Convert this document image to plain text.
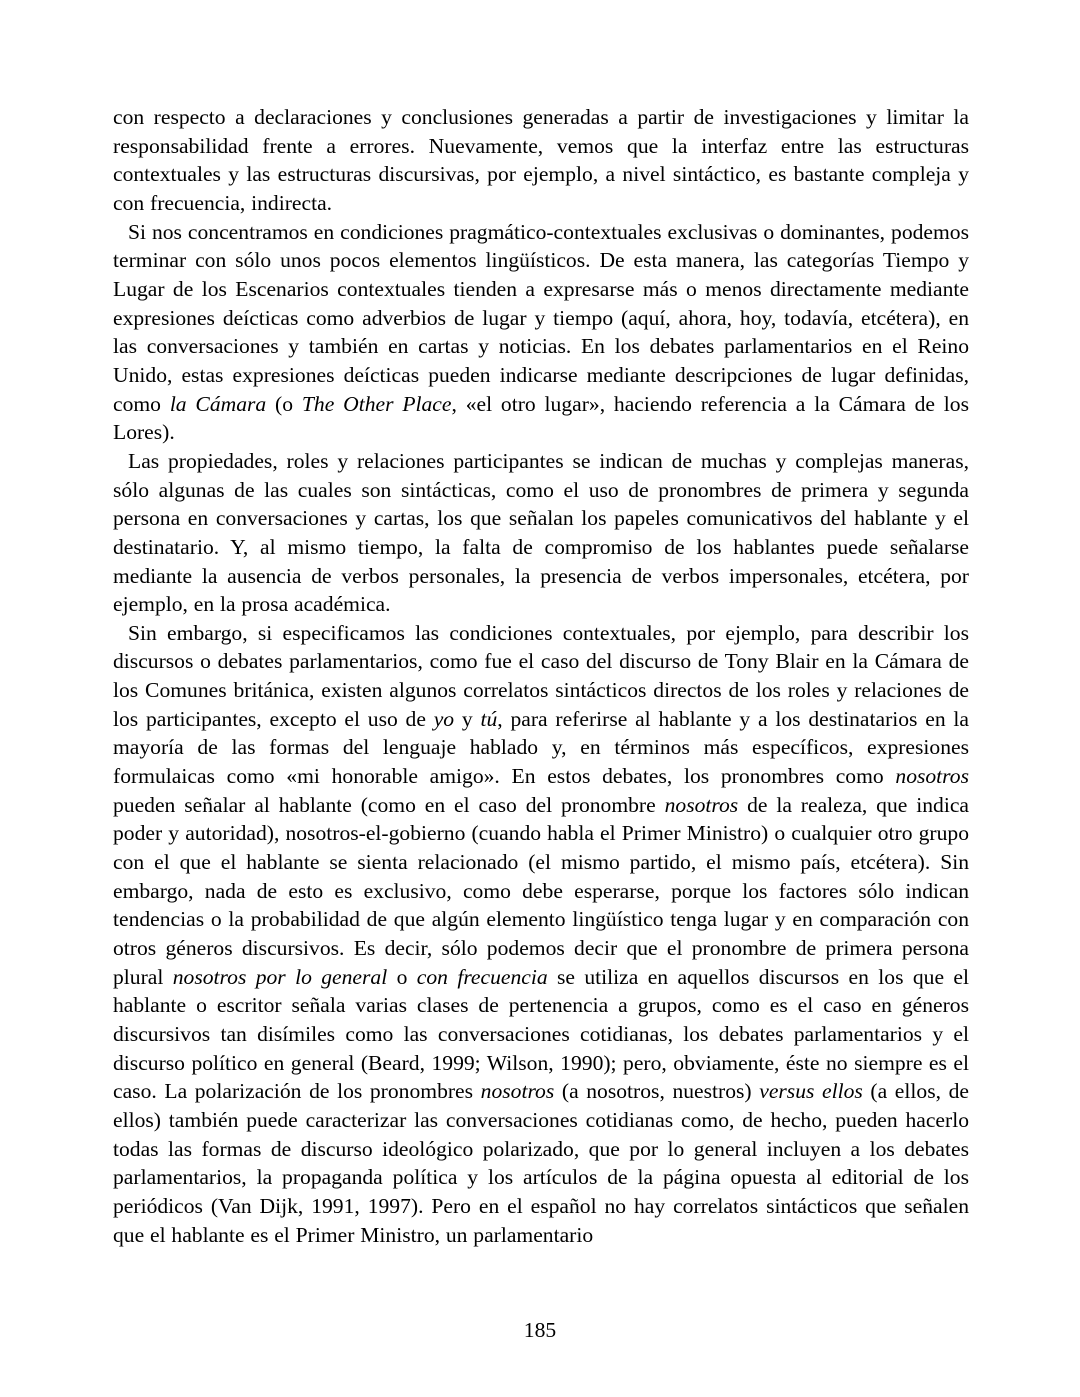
con respecto a declaraciones y conclusiones generadas a partir de investigaciones y limitar la responsabilidad frente a errores. Nuevamente, vemos que la interfaz entre las estructuras contextuales y las estructuras discursivas, por ejemplo, a nivel sintáctico, es bastante compleja y con frecuencia, indirecta.

Si nos concentramos en condiciones pragmático-contextuales exclusivas o dominantes, podemos terminar con sólo unos pocos elementos lingüísticos. De esta manera, las categorías Tiempo y Lugar de los Escenarios contextuales tienden a expresarse más o menos directamente mediante expresiones deícticas como adverbios de lugar y tiempo (aquí, ahora, hoy, todavía, etcétera), en las conversaciones y también en cartas y noticias. En los debates parlamentarios en el Reino Unido, estas expresiones deícticas pueden indicarse mediante descripciones de lugar definidas, como la Cámara (o The Other Place, «el otro lugar», haciendo referencia a la Cámara de los Lores).

Las propiedades, roles y relaciones participantes se indican de muchas y complejas maneras, sólo algunas de las cuales son sintácticas, como el uso de pronombres de primera y segunda persona en conversaciones y cartas, los que señalan los papeles comunicativos del hablante y el destinatario. Y, al mismo tiempo, la falta de compromiso de los hablantes puede señalarse mediante la ausencia de verbos personales, la presencia de verbos impersonales, etcétera, por ejemplo, en la prosa académica.

Sin embargo, si especificamos las condiciones contextuales, por ejemplo, para describir los discursos o debates parlamentarios, como fue el caso del discurso de Tony Blair en la Cámara de los Comunes británica, existen algunos correlatos sintácticos directos de los roles y relaciones de los participantes, excepto el uso de yo y tú, para referirse al hablante y a los destinatarios en la mayoría de las formas del lenguaje hablado y, en términos más específicos, expresiones formulaicas como «mi honorable amigo». En estos debates, los pronombres como nosotros pueden señalar al hablante (como en el caso del pronombre nosotros de la realeza, que indica poder y autoridad), nosotros-el-gobierno (cuando habla el Primer Ministro) o cualquier otro grupo con el que el hablante se sienta relacionado (el mismo partido, el mismo país, etcétera). Sin embargo, nada de esto es exclusivo, como debe esperarse, porque los factores sólo indican tendencias o la probabilidad de que algún elemento lingüístico tenga lugar y en comparación con otros géneros discursivos. Es decir, sólo podemos decir que el pronombre de primera persona plural nosotros por lo general o con frecuencia se utiliza en aquellos discursos en los que el hablante o escritor señala varias clases de pertenencia a grupos, como es el caso en géneros discursivos tan disímiles como las conversaciones cotidianas, los debates parlamentarios y el discurso político en general (Beard, 1999; Wilson, 1990); pero, obviamente, éste no siempre es el caso. La polarización de los pronombres nosotros (a nosotros, nuestros) versus ellos (a ellos, de ellos) también puede caracterizar las conversaciones cotidianas como, de hecho, pueden hacerlo todas las formas de discurso ideológico polarizado, que por lo general incluyen a los debates parlamentarios, la propaganda política y los artículos de la página opuesta al editorial de los periódicos (Van Dijk, 1991, 1997). Pero en el español no hay correlatos sintácticos que señalen que el hablante es el Primer Ministro, un parlamentario

185
